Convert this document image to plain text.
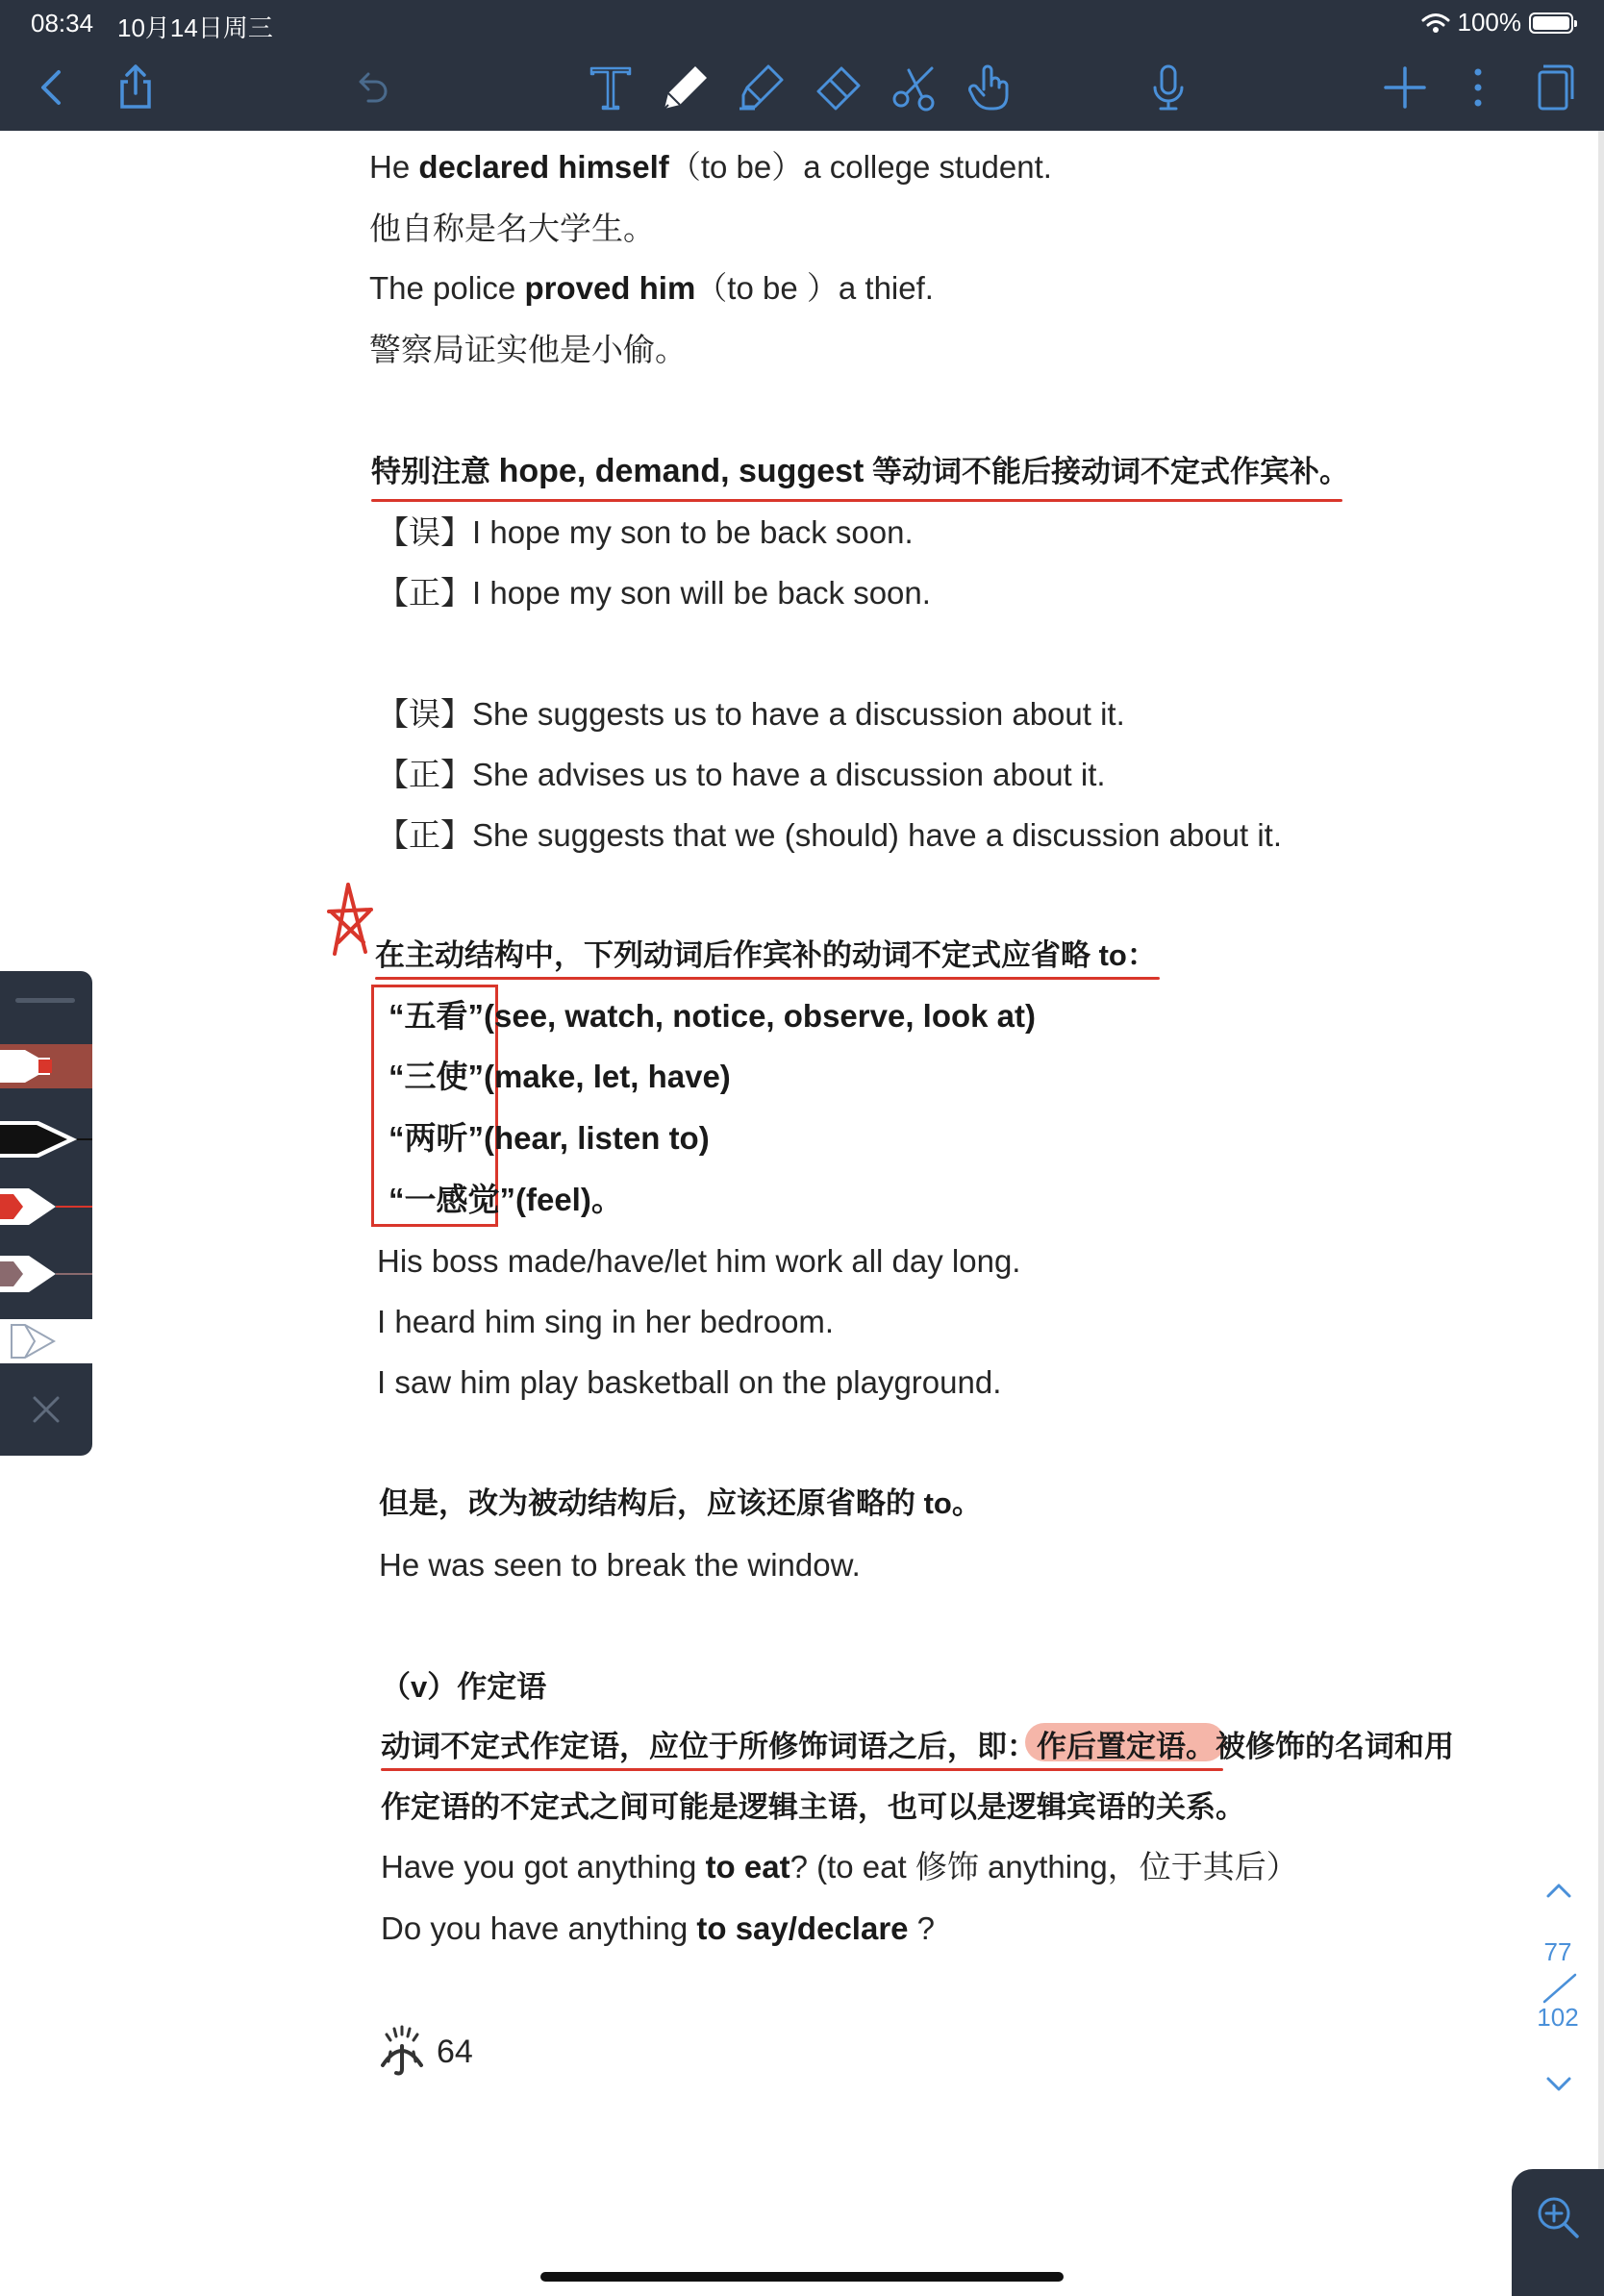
08:34 10月14日周三	100%
He declared himself（to be）a college student.
他自称是名大学生。
The police proved him（to be ）a thief.
警察局证实他是小偷。
特别注意 hope, demand, suggest 等动词不能后接动词不定式作宾补。
【误】I hope my son to be back soon.
【正】I hope my son will be back soon.
【误】She suggests us to have a discussion about it.
【正】She advises us to have a discussion about it.
【正】She suggests that we (should) have a discussion about it.
在主动结构中，下列动词后作宾补的动词不定式应省略 to：
“五看”(see, watch, notice, observe, look at)
“三使”(make, let, have)
“两听”(hear, listen to)
“一感觉”(feel)。
His boss made/have/let him work all day long.
I heard him sing in her bedroom.
I saw him play basketball on the playground.
但是，改为被动结构后，应该还原省略的 to。
He was seen to break the window.
（v）作定语
动词不定式作定语，应位于所修饰词语之后，即：作后置定语。被修饰的名词和用
作定语的不定式之间可能是逻辑主语，也可以是逻辑宾语的关系。
Have you got anything to eat? (to eat 修饰 anything，位于其后）
Do you have anything to say/declare ?
64
77
102
